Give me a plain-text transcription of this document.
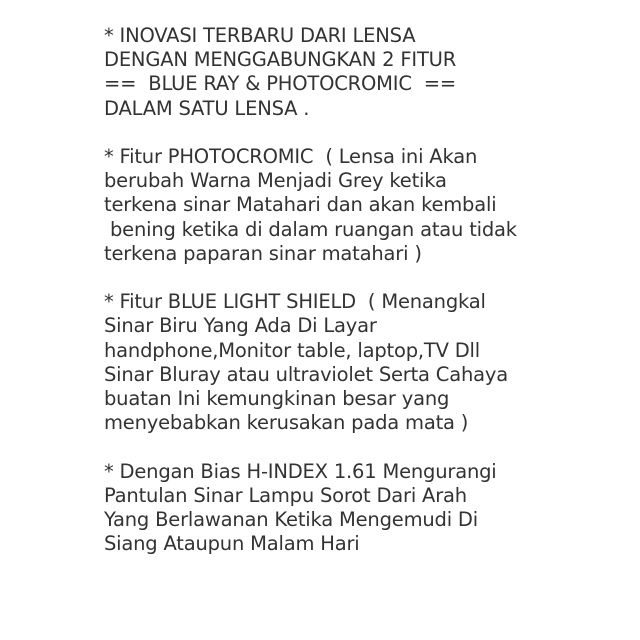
* INOVASI TERBARU DARI LENSA
DENGAN MENGGABUNGKAN 2 FITUR
==  BLUE RAY & PHOTOCROMIC  ==
DALAM SATU LENSA .
* Fitur PHOTOCROMIC  ( Lensa ini Akan
berubah Warna Menjadi Grey ketika
terkena sinar Matahari dan akan kembali
bening ketika di dalam ruangan atau tidak
terkena paparan sinar matahari )
* Fitur BLUE LIGHT SHIELD  ( Menangkal
Sinar Biru Yang Ada Di Layar
handphone,Monitor table, laptop,TV Dll
Sinar Bluray atau ultraviolet Serta Cahaya
buatan Ini kemungkinan besar yang
menyebabkan kerusakan pada mata )
* Dengan Bias H-INDEX 1.61 Mengurangi
Pantulan Sinar Lampu Sorot Dari Arah
Yang Berlawanan Ketika Mengemudi Di
Siang Ataupun Malam Hari
